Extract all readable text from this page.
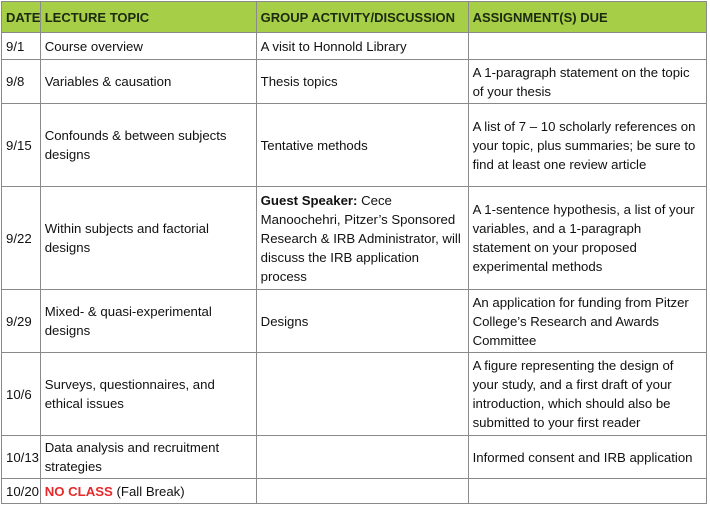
DATE	LECTURE TOPIC	GROUP ACTIVITY/DISCUSSION	ASSIGNMENT(S) DUE
9/1	Course overview	A visit to Honnold Library	
9/8	Variables & causation	Thesis topics	A 1-paragraph statement on the topic of your thesis
9/15	Confounds & between subjects designs	Tentative methods	A list of 7 – 10 scholarly references on your topic, plus summaries; be sure to find at least one review article
9/22	Within subjects and factorial designs	Guest Speaker: Cece Manoochehri, Pitzer’s Sponsored Research & IRB Administrator, will discuss the IRB application process	A 1-sentence hypothesis, a list of your variables, and a 1-paragraph statement on your proposed experimental methods
9/29	Mixed- & quasi-experimental designs	Designs	An application for funding from Pitzer College’s Research and Awards Committee
10/6	Surveys, questionnaires, and ethical issues		A figure representing the design of your study, and a first draft of your introduction, which should also be submitted to your first reader
10/13	Data analysis and recruitment strategies		Informed consent and IRB application
10/20	NO CLASS (Fall Break)		
